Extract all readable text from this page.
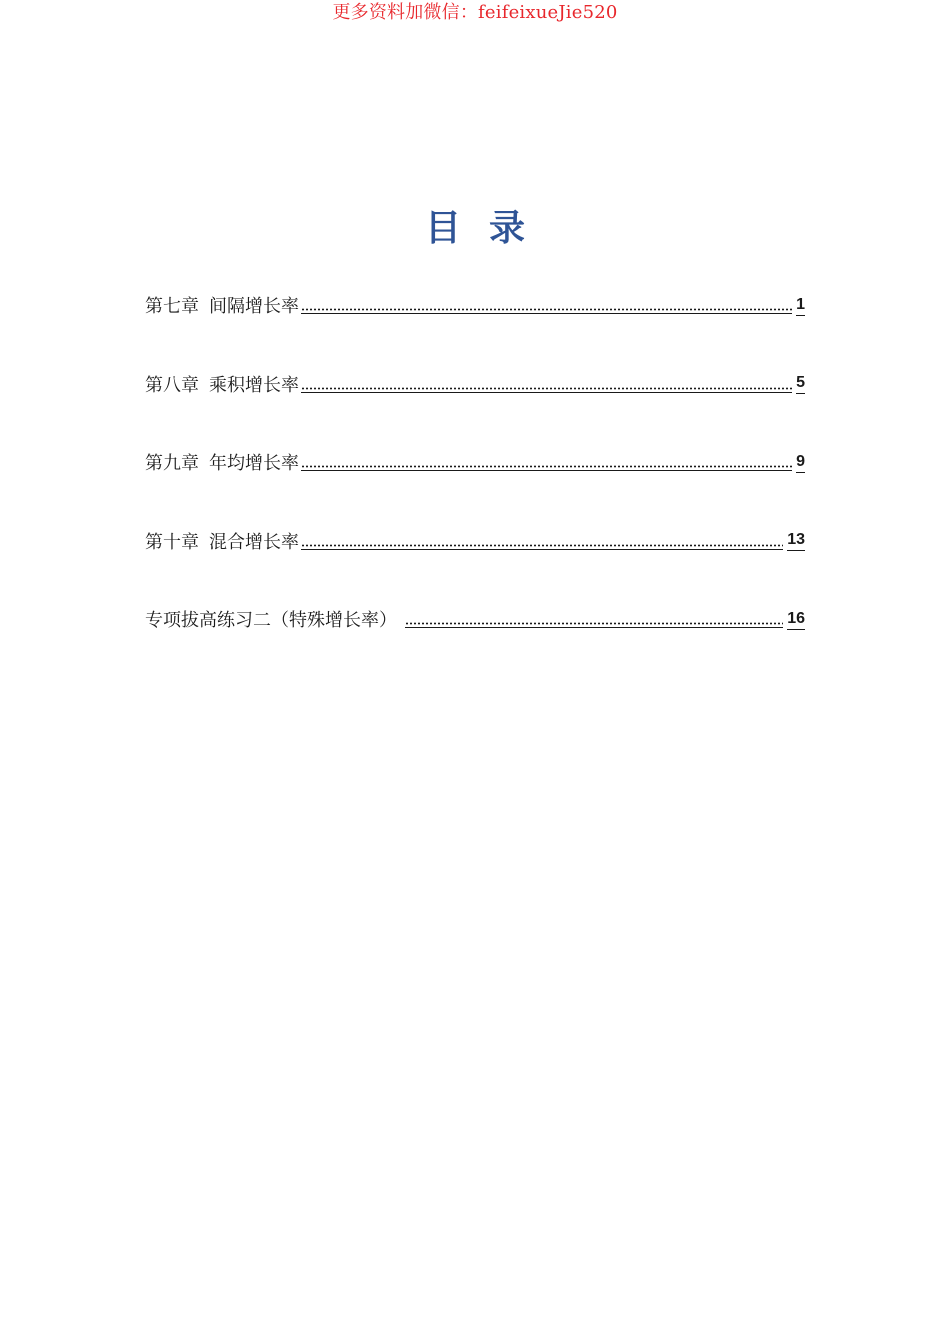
更多资料加微信：feifeixueJie520
目录
第七章 间隔增长率	1
第八章 乘积增长率	5
第九章 年均增长率	9
第十章 混合增长率	13
专项拔高练习二（特殊增长率）	16
